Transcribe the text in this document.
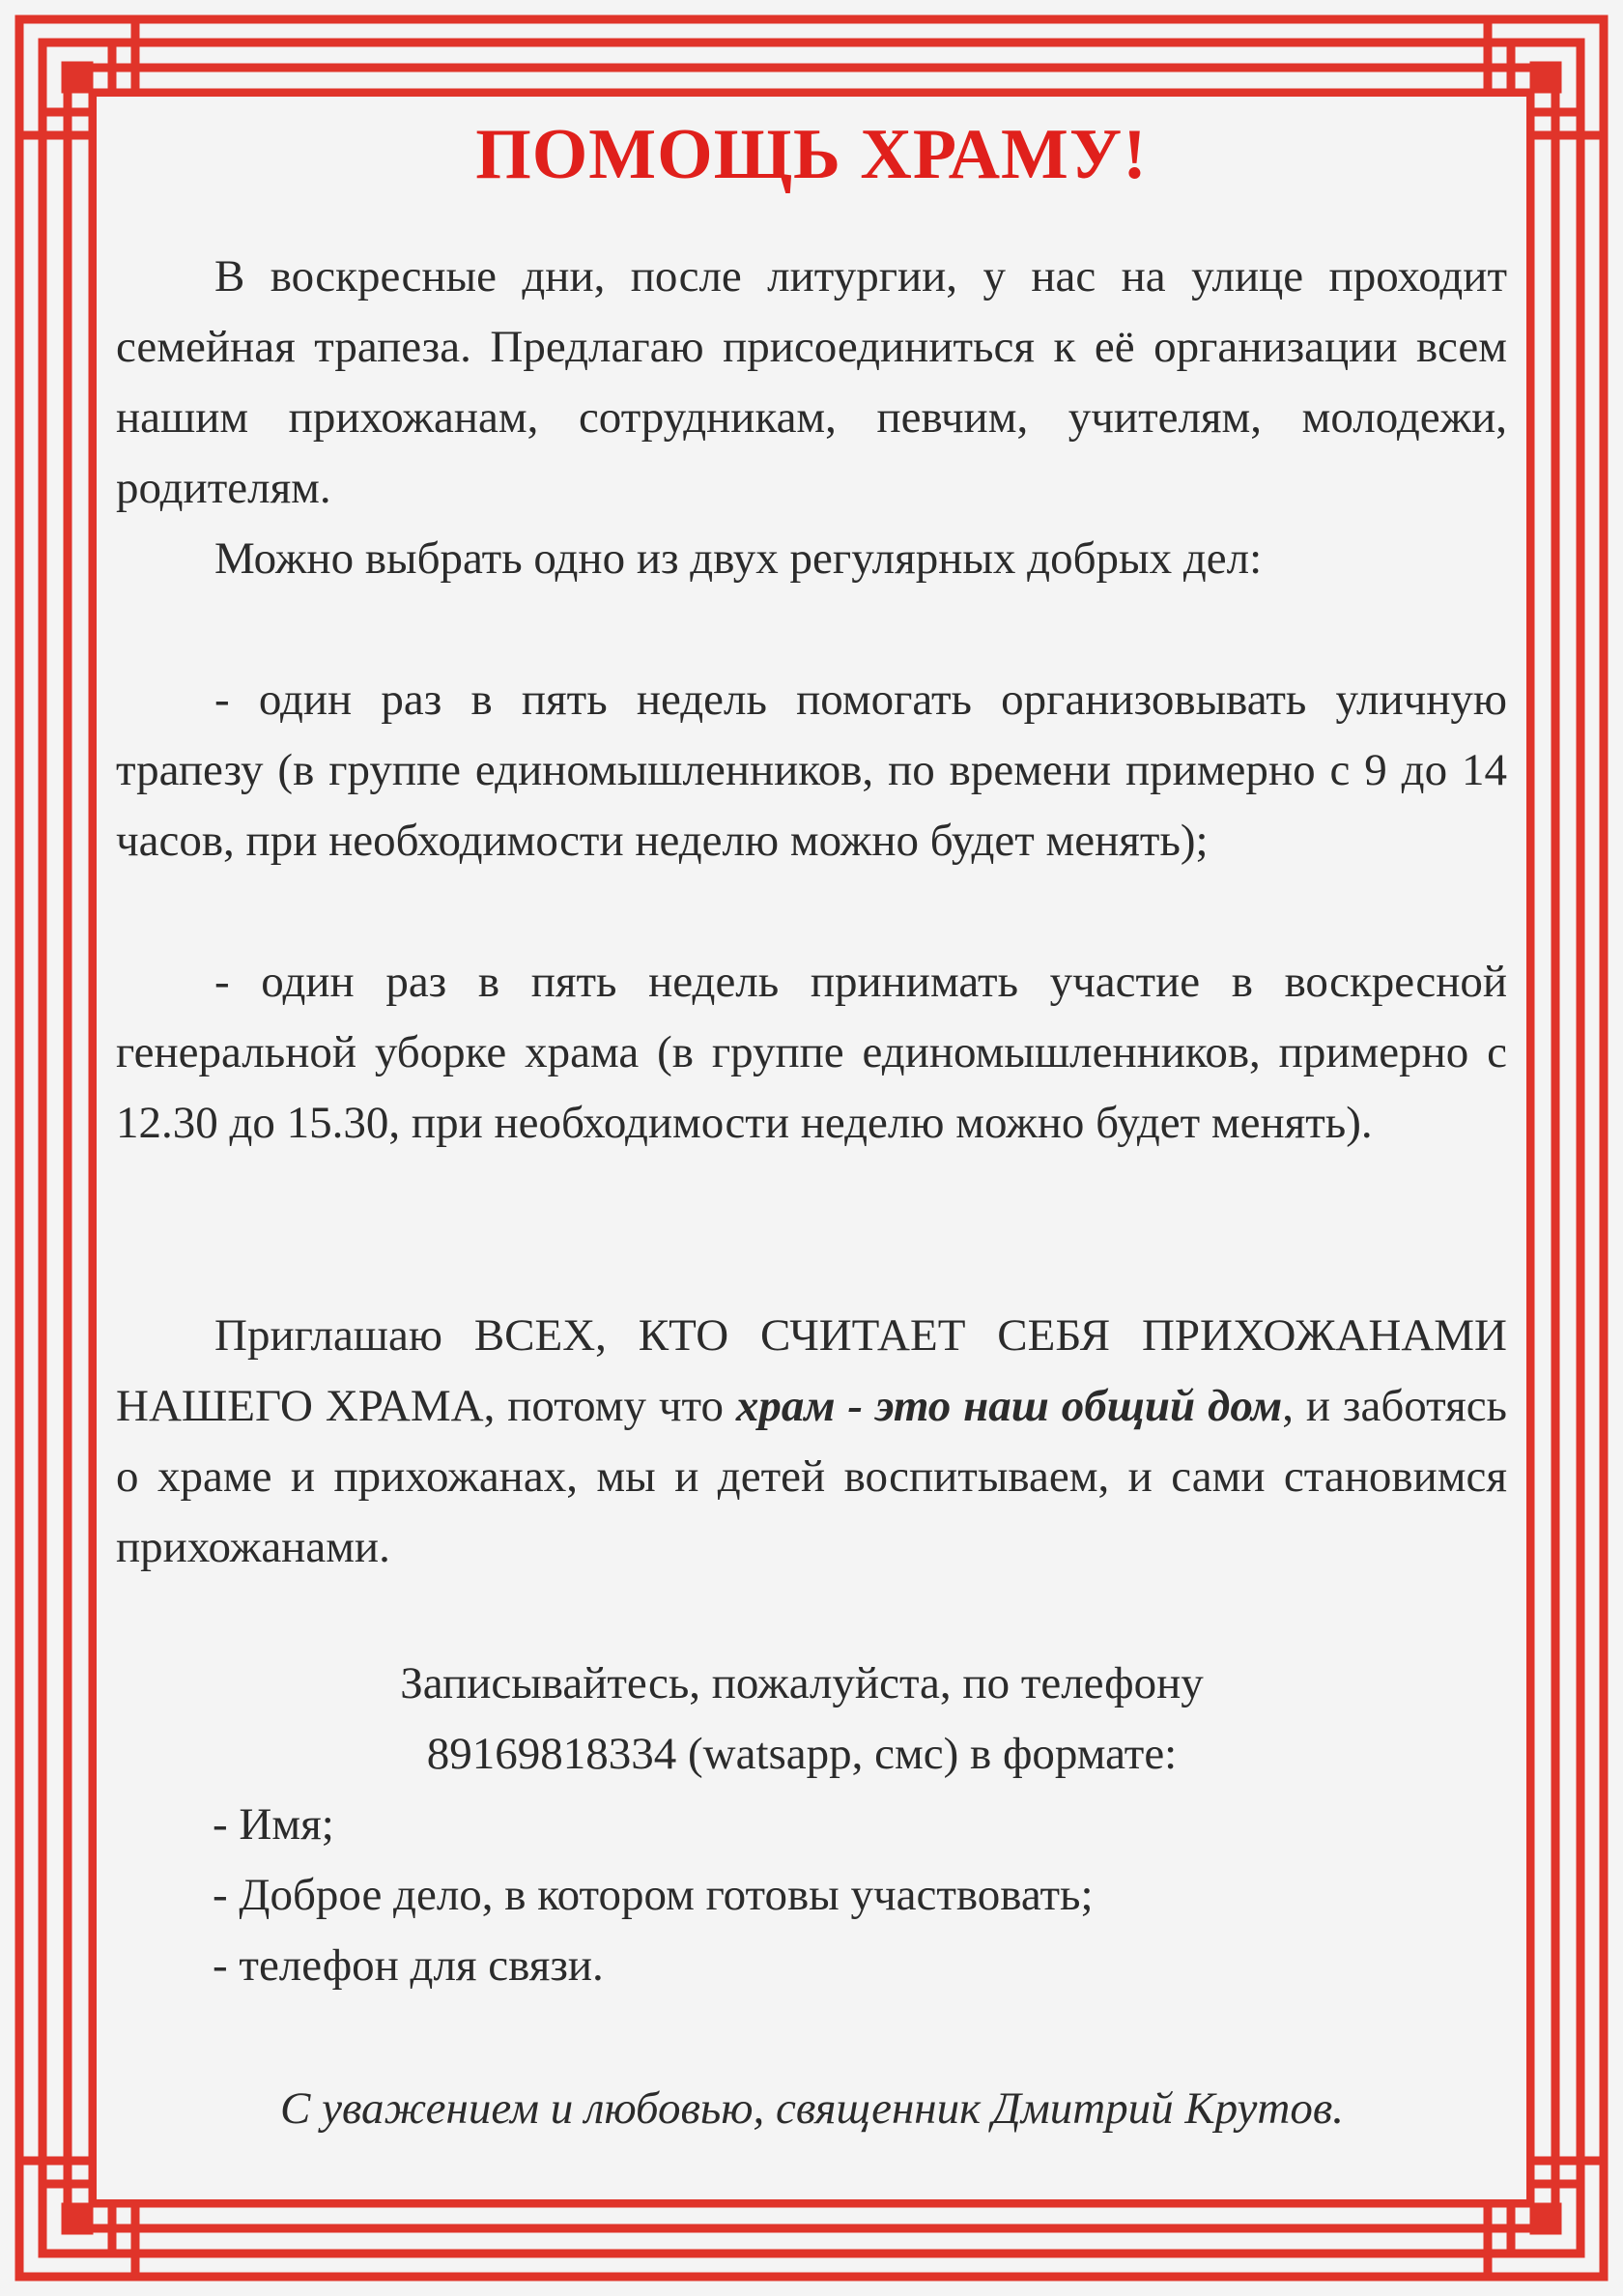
ПОМОЩЬ ХРАМУ!

В воскресные дни, после литургии, у нас на улице проходит семейная трапеза. Предлагаю присоединиться к её организации всем нашим прихожанам, сотрудникам, певчим, учителям, молодежи, родителям.

Можно выбрать одно из двух регулярных добрых дел:

- один раз в пять недель помогать организовывать уличную трапезу (в группе единомышленников, по времени примерно с 9 до 14 часов, при необходимости неделю можно будет менять);

- один раз в пять недель принимать участие в воскресной генеральной уборке храма (в группе единомышленников, примерно с 12.30 до 15.30, при необходимости неделю можно будет менять).

Приглашаю ВСЕХ, КТО СЧИТАЕТ СЕБЯ ПРИХОЖАНАМИ НАШЕГО ХРАМА, потому что храм - это наш общий дом, и заботясь о храме и прихожанах, мы и детей воспитываем, и сами становимся прихожанами.

Записывайтесь, пожалуйста, по телефону

89169818334 (watsapp, смс) в формате:

- Имя;

- Доброе дело, в котором готовы участвовать;

- телефон для связи.

С уважением и любовью, священник Дмитрий Крутов.
